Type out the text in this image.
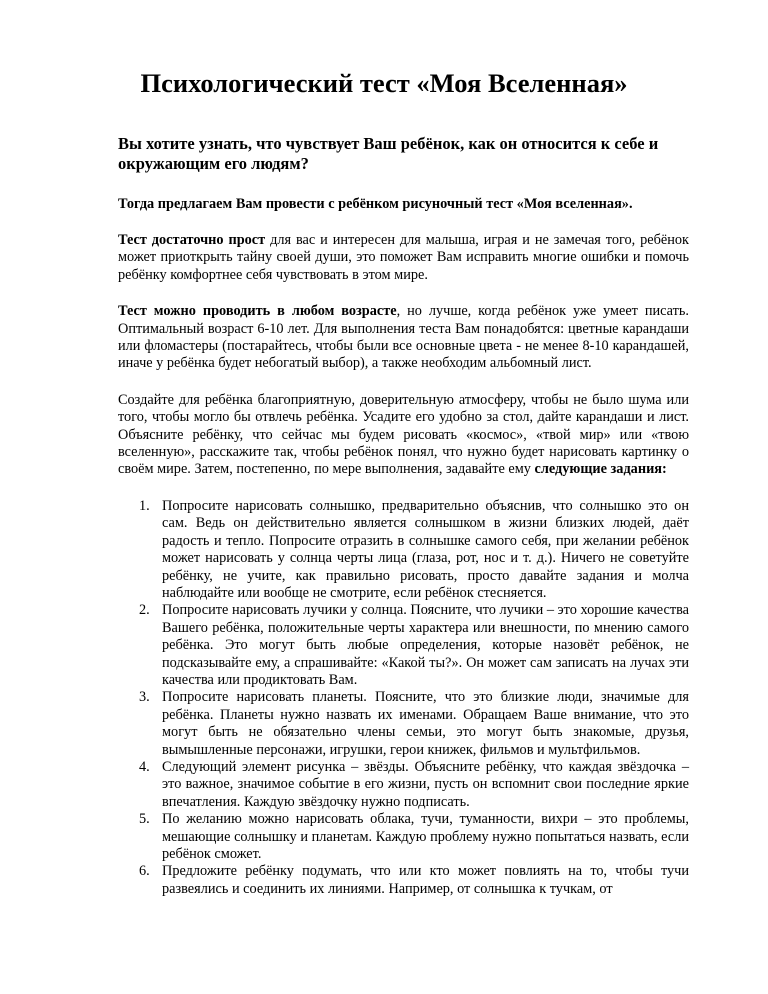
Психологический тест «Моя Вселенная»

Вы хотите узнать, что чувствует Ваш ребёнок, как он относится к себе и окружающим его людям?

Тогда предлагаем Вам провести с ребёнком рисуночный тест «Моя вселенная».

Тест достаточно прост для вас и интересен для малыша, играя и не замечая того, ребёнок может приоткрыть тайну своей души, это поможет Вам исправить многие ошибки и помочь ребёнку комфортнее себя чувствовать в этом мире.

Тест можно проводить в любом возрасте, но лучше, когда ребёнок уже умеет писать. Оптимальный возраст 6-10 лет. Для выполнения теста Вам понадобятся: цветные карандаши или фломастеры (постарайтесь, чтобы были все основные цвета - не менее 8-10 карандашей, иначе у ребёнка будет небогатый выбор), а также необходим альбомный лист.

Создайте для ребёнка благоприятную, доверительную атмосферу, чтобы не было шума или того, чтобы могло бы отвлечь ребёнка. Усадите его удобно за стол, дайте карандаши и лист. Объясните ребёнку, что сейчас мы будем рисовать «космос», «твой мир» или «твою вселенную», расскажите так, чтобы ребёнок понял, что нужно будет нарисовать картинку о своём мире. Затем, постепенно, по мере выполнения, задавайте ему следующие задания:

1. Попросите нарисовать солнышко, предварительно объяснив, что солнышко это он сам. Ведь он действительно является солнышком в жизни близких людей, даёт радость и тепло. Попросите отразить в солнышке самого себя, при желании ребёнок может нарисовать у солнца черты лица (глаза, рот, нос и т. д.). Ничего не советуйте ребёнку, не учите, как правильно рисовать, просто давайте задания и молча наблюдайте или вообще не смотрите, если ребёнок стесняется.
2. Попросите нарисовать лучики у солнца. Поясните, что лучики – это хорошие качества Вашего ребёнка, положительные черты характера или внешности, по мнению самого ребёнка. Это могут быть любые определения, которые назовёт ребёнок, не подсказывайте ему, а спрашивайте: «Какой ты?». Он может сам записать на лучах эти качества или продиктовать Вам.
3. Попросите нарисовать планеты. Поясните, что это близкие люди, значимые для ребёнка. Планеты нужно назвать их именами. Обращаем Ваше внимание, что это могут быть не обязательно члены семьи, это могут быть знакомые, друзья, вымышленные персонажи, игрушки, герои книжек, фильмов и мультфильмов.
4. Следующий элемент рисунка – звёзды. Объясните ребёнку, что каждая звёздочка – это важное, значимое событие в его жизни, пусть он вспомнит свои последние яркие впечатления. Каждую звёздочку нужно подписать.
5. По желанию можно нарисовать облака, тучи, туманности, вихри – это проблемы, мешающие солнышку и планетам. Каждую проблему нужно попытаться назвать, если ребёнок сможет.
6. Предложите ребёнку подумать, что или кто может повлиять на то, чтобы тучи развеялись и соединить их линиями. Например, от солнышка к тучкам, от
